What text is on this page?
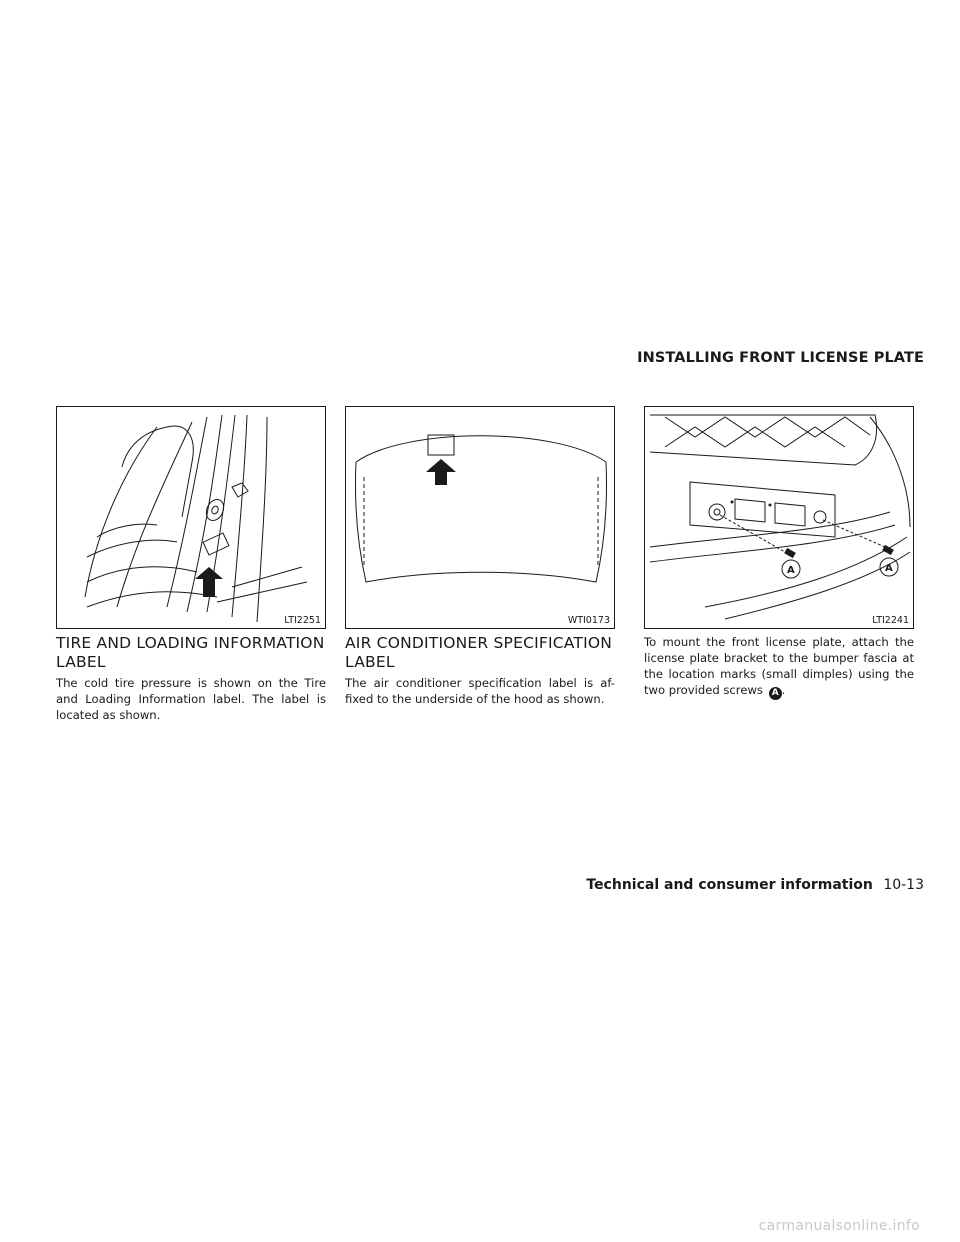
INSTALLING FRONT LICENSE PLATE
LTI2251	WTI0173
A	A
LTI2241
TIRE AND LOADING INFORMATION LABEL

The cold tire pressure is shown on the Tire and Loading Information label. The label is located as shown.

AIR CONDITIONER SPECIFICATION LABEL

The air conditioner specification label is af-fixed to the underside of the hood as shown.

To mount the front license plate, attach the license plate bracket to the bumper fascia at the location marks (small dimples) using the two provided screws A .

Technical and consumer information 10-13
carmanualsonline.info
